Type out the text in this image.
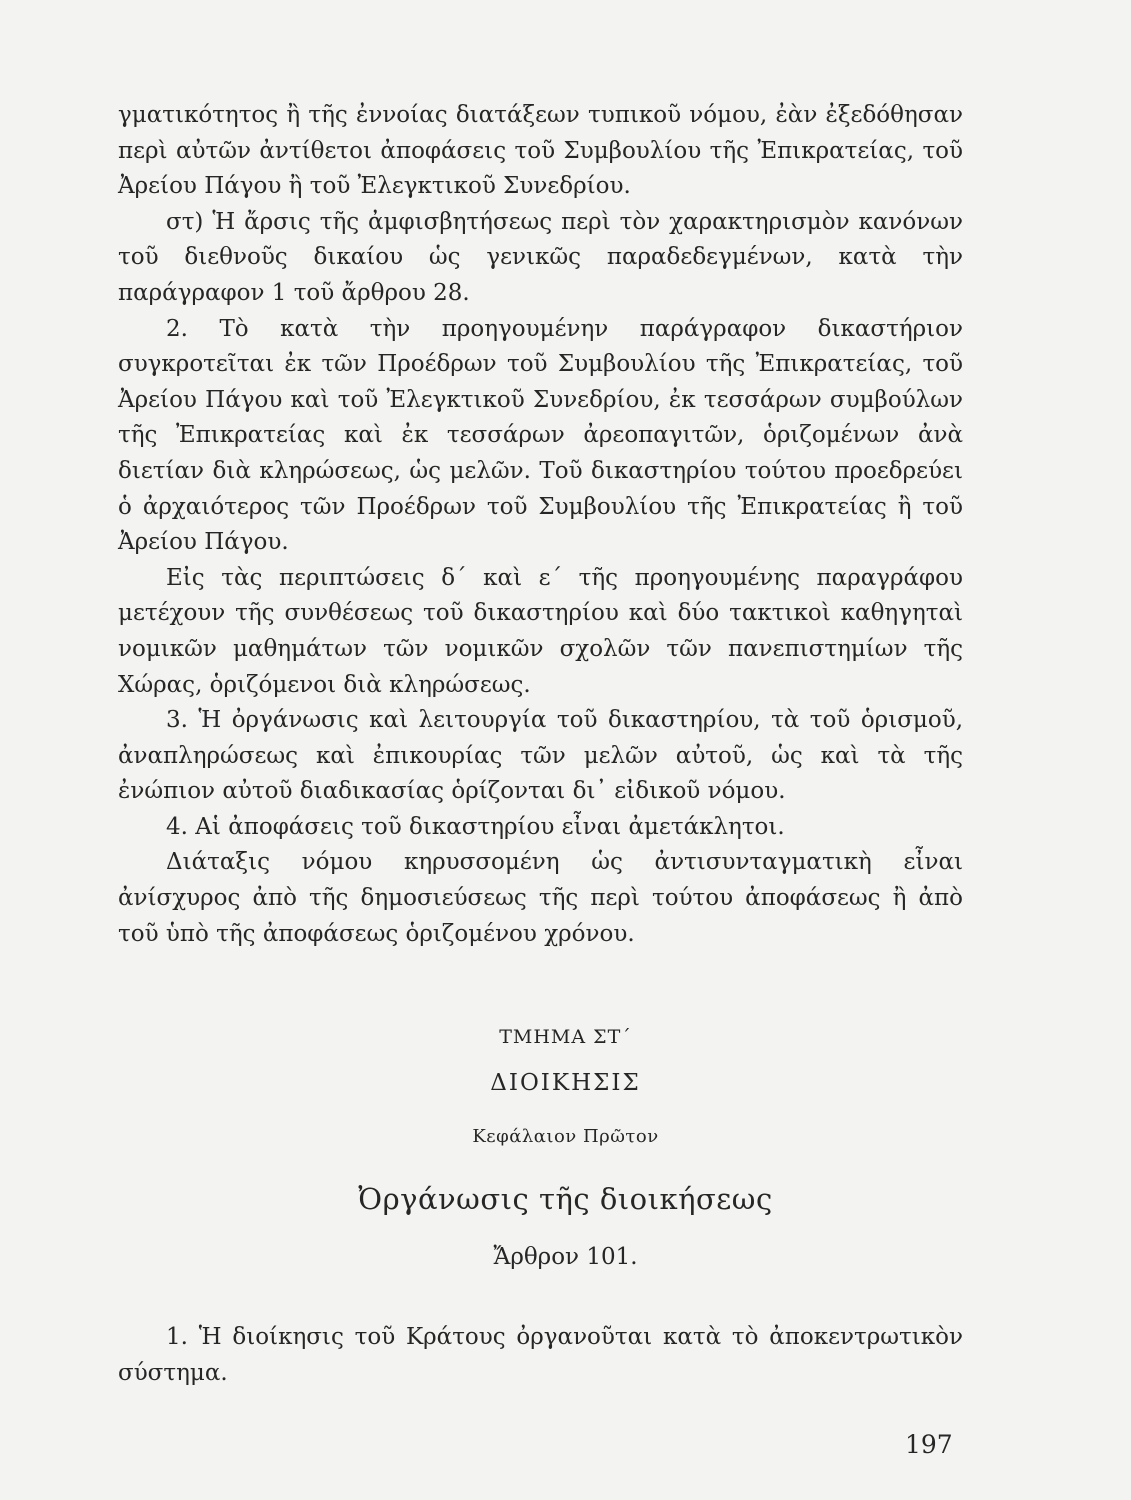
γματικότητος ἢ τῆς ἐννοίας διατάξεων τυπικοῦ νόμου, ἐὰν ἐξεδόθησαν περὶ αὐτῶν ἀντίθετοι ἀποφάσεις τοῦ Συμβουλίου τῆς Ἐπικρατείας, τοῦ Ἀρείου Πάγου ἢ τοῦ Ἐλεγκτικοῦ Συνεδρίου.

στ) Ἡ ἄρσις τῆς ἀμφισβητήσεως περὶ τὸν χαρακτηρισμὸν κανόνων τοῦ διεθνοῦς δικαίου ὡς γενικῶς παραδεδεγμένων, κατὰ τὴν παράγραφον 1 τοῦ ἄρθρου 28.

2. Τὸ κατὰ τὴν προηγουμένην παράγραφον δικαστήριον συγκροτεῖται ἐκ τῶν Προέδρων τοῦ Συμβουλίου τῆς Ἐπικρατείας, τοῦ Ἀρείου Πάγου καὶ τοῦ Ἐλεγκτικοῦ Συνεδρίου, ἐκ τεσσάρων συμβούλων τῆς Ἐπικρατείας καὶ ἐκ τεσσάρων ἀρεοπαγιτῶν, ὁριζομένων ἀνὰ διετίαν διὰ κληρώσεως, ὡς μελῶν. Τοῦ δικαστηρίου τούτου προεδρεύει ὁ ἀρχαιότερος τῶν Προέδρων τοῦ Συμβουλίου τῆς Ἐπικρατείας ἢ τοῦ Ἀρείου Πάγου.

Εἰς τὰς περιπτώσεις δ΄ καὶ ε΄ τῆς προηγουμένης παραγράφου μετέχουν τῆς συνθέσεως τοῦ δικαστηρίου καὶ δύο τακτικοὶ καθηγηταὶ νομικῶν μαθημάτων τῶν νομικῶν σχολῶν τῶν πανεπιστημίων τῆς Χώρας, ὁριζόμενοι διὰ κληρώσεως.

3. Ἡ ὀργάνωσις καὶ λειτουργία τοῦ δικαστηρίου, τὰ τοῦ ὁρισμοῦ, ἀναπληρώσεως καὶ ἐπικουρίας τῶν μελῶν αὐτοῦ, ὡς καὶ τὰ τῆς ἐνώπιον αὐτοῦ διαδικασίας ὁρίζονται δι᾽ εἰδικοῦ νόμου.

4. Αἱ ἀποφάσεις τοῦ δικαστηρίου εἶναι ἀμετάκλητοι.

Διάταξις νόμου κηρυσσομένη ὡς ἀντισυνταγματικὴ εἶναι ἀνίσχυρος ἀπὸ τῆς δημοσιεύσεως τῆς περὶ τούτου ἀποφάσεως ἢ ἀπὸ τοῦ ὑπὸ τῆς ἀποφάσεως ὁριζομένου χρόνου.

ΤΜΗΜΑ ΣΤ΄
ΔΙΟΙΚΗΣΙΣ
Κεφάλαιον Πρῶτον
Ὀργάνωσις τῆς διοικήσεως
Ἄρθρον 101.

1. Ἡ διοίκησις τοῦ Κράτους ὀργανοῦται κατὰ τὸ ἀποκεντρωτικὸν σύστημα.

197
